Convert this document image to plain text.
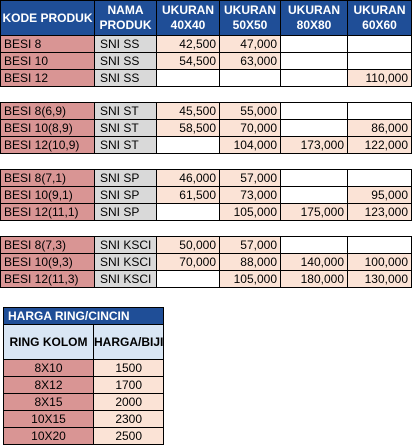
KODE PRODUK	NAMA PRODUK	UKURAN 40X40	UKURAN 50X50	UKURAN 80X80	UKURAN 60X60
BESI 8	SNI SS	42,500	47,000		
BESI 10	SNI SS	54,500	63,000		
BESI 12	SNI SS				110,000

BESI 8(6,9)	SNI ST	45,500	55,000		
BESI 10(8,9)	SNI ST	58,500	70,000		86,000
BESI 12(10,9)	SNI ST		104,000	173,000	122,000

BESI 8(7,1)	SNI SP	46,000	57,000		
BESI 10(9,1)	SNI SP	61,500	73,000		95,000
BESI 12(11,1)	SNI SP		105,000	175,000	123,000

BESI 8(7,3)	SNI KSCI	50,000	57,000		
BESI 10(9,3)	SNI KSCI	70,000	88,000	140,000	100,000
BESI 12(11,3)	SNI KSCI		105,000	180,000	130,000
HARGA RING/CINCIN	
RING KOLOM	HARGA/BIJI
8X10	1500
8X12	1700
8X15	2000
10X15	2300
10X20	2500
